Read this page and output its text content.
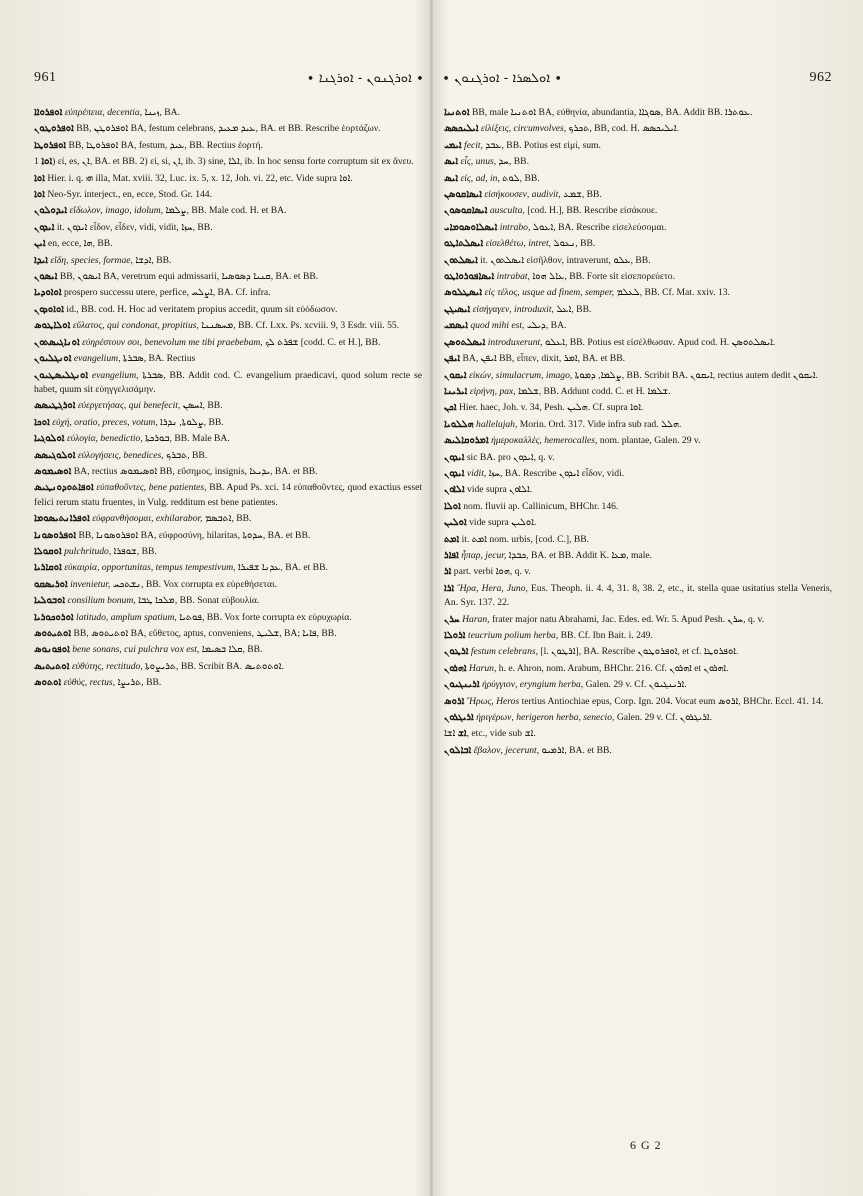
961	∙ ܐܘܪܓܢܘܢ - ܐܘܪܓܢܐ ∙ ∙ ܐܘܠܣܪܐ - ܐܘܪܓܢܘܢ ∙	962

ܐܘܦܪܘܐܐ εὐπρέπεια, decentia, ܙܝܢܐ, BA.

ܐܘܦܪܘܛܘܢ BB, ܐܘܦܪܘܛܢ BA, festum celebrans, ܥܝܕ ܡܥܝܕ, BA. et BB. Rescribe ἑορτάζων.

ܐܘܦܪܘܛܐ BB, ܐܘܦܪܘܛܐ BA, festum, ܥܝܕ, BB. Rectius ἑορτή.

ܐܘܐ 1) εἰ, es, ܐܢ, BA. et BB. 2) εἰ, si, ܐܢ, ib. 3) sine, ܐܠܐ, ib. In hoc sensu forte corruptum sit ex ἄνευ.

ܐܘܐ Hier. i. q. ܗܝ illa, Mat. xviii. 32, Luc. ix. 5, x. 12, Joh. vi. 22, etc. Vide supra ܐܘܐ.

ܐܘܐ Neo-Syr. interject., en, ecce, Stod. Gr. 144.

ܐܝܕܘܠܘܢ εἴδωλον, imago, idolum, ܨܠܡܐ, BB. Male cod. H. et BA.

ܐܝܕܘܢ it. ܐܝܕܘܢ εἶδον, εἶδεν, vidi, vidit, ܚܙܐ, BB.

ܐܝܢ en, ecce, ܗܐ, BB.

ܐܝܕܐ εἴδη, species, formae, ܐܕܫܐ, BB.

ܐܝܣܘܢ BB, ܐܝܣܘܢ BA, veretrum equi admissarii, ܩܢܝܐ ܕܣܘܣܝܐ, BA. et BB.

ܐܘܐܘܕܝܐ prospero successu utere, perfice, ܐܨܠܚ, BA. Cf. infra.

ܐܘܐܘܕܘܢ id., BB. cod. H. Hoc ad veritatem propius accedit, quum sit εὐόδωσον.

ܐܘܠܐܛܘܣ εὔλατος, qui condonat, propitius, ܡܚܣܢܢܐ, BB. Cf. Lxx. Ps. xcviii. 9, 3 Esdr. viii. 55.

ܐܘܢܐܓܝܣܬܘܢ εὐηρέστουν σοι, benevolum me tibi praebebam, ܫܦܪܬ ܠܟ [codd. C. et H.], BB.

ܐܘܢܓܠܝܘܢ evangelium, ܣܒܪܬܐ, BA. Rectius

ܐܘܢܓܠܝܣܛܝܘܢ evangelium, ܣܒܪܬܐ, BB. Addit cod. C. evangelium praedicavi, quod solum recte se habet, quum sit εὐηγγελισάμην.

ܐܘܪܓܛܝܣܣ εὐεργετήσας, qui benefecit, ܐܚܣܢ, BB.

ܐܘܟܐ εὐχή, oratio, preces, votum, ܨܠܘܬܐ, ܢܕܪܐ, BB.

ܐܘܠܘܓܝܐ εὐλογία, benedictio, ܒܘܪܟܬܐ, BB. Male BA.

ܐܘܠܘܓܝܣܣ εὐλογήσεις, benedices, ܬܒܪܟ, BB.

ܐܘܣܝܡܘܣ BA, rectius ܐܘܣܝܡܘܣ BB, εὔσημος, insignis, ܝܕܝܥܐ, BA. et BB.

ܐܘܦܐܬܘܕܘܢܛܝܣ εὐπαθοῦντες, bene patientes, BB. Apud Ps. xci. 14 εὐπαθοῦντες, quod exactius esset felici rerum statu fruentes, in Vulg. redditum est bene patientes.

ܐܘܦܪܐܢܬܝܣܘܡܐ εὐφρανθήσομαι, exhilarabor, ܐܬܒܣܡ, BB.

ܐܘܦܪܘܣܘܢܐ BB, ܐܘܦܪܘܣܘܢܐ BA, εὐφροσύνη, hilaritas, ܚܕܘܬܐ, BA. et BB.

ܐܘܩܘܠܐ pulchritudo, ܫܘܦܪܐ, BB.

ܐܘܩܐܪܝܐ εὐκαιρία, opportunitas, tempus tempestivum, ܥܕܢܐ ܫܦܝܪܐ, BA. et BB.

ܐܘܪܝܣܩܘ invenietur, ܢܫܬܟܚ, BB. Vox corrupta ex εὑρεθήσεται.

ܐܘܒܘܠܝܐ consilium bonum, ܡܠܟܐ ܛܒܐ, BB. Sonat εὐβουλία.

ܐܘܪܘܟܘܪܝܐ latitudo, amplum spatium, ܦܘܬܝܐ, BB. Vox forte corrupta ex εὐρυχωρία.

ܐܘܬܝܬܘܣ BB, ܐܘܬܝܬܘܣ BA, εὔθετος, aptus, conveniens, ܫܠܝܛ, BA; ܦܐܝܐ, BB.

ܐܘܦܘܢܘܣ bene sonans, cui pulchra vox est, ܩܠܐ ܒܣܝܡܐ, BB.

ܐܘܬܝܬܝܣ εὐθύτης, rectitudo, ܬܪܝܨܘܬܐ, BB. Scribit BA. ܐܘܬܘܬܝܣ.

ܐܘܬܘܣ εὐθύς, rectus, ܬܪܝܨܐ, BB.

ܐܘܬܢܝܐ BB, male ܐܘܬܢܝܐ BA, εὐθηνία, abundantia, ܣܘܓܐܐ, BA. Addit BB. ܥܘܬܪܐ.

ܐܝܠܝܟܣܣ εἰλίξεις, circumvolves, ܬܟܪܟ, BB, cod. H. ܐܝܠܝܟܣܣ.

ܐܝܡܝ fecit, ܥܒܕ, BB. Potius est εἰμί, sum.

ܐܝܣ εἷς, unus, ܚܕ, BB.

ܐܝܣ εἰς, ad, in, ܠܘܬ, BB.

ܐܝܣܐܩܘܣܢ εἰσήκουσεν, audivit, ܫܡܥ, BB.

ܐܝܣܐܩܘܣܘܢ ausculta, [cod. H.], BB. Rescribe εἰσάκουε.

ܐܝܣܠܐܘܣܘܡܐܝ intrabo, ܐܥܘܠ, BA. Rescribe εἰσελεύσομαι.

ܐܝܣܠܬܐܛܘ εἰσελθέτω, intret, ܢܥܘܠ, BB.

ܐܝܣܠܬܘܢ it. ܐܝܣܠܬܘܢ εἰσῆλθον, intraverunt, ܥܠܘ, BB.

ܐܝܣܐܦܘܪܘܐܛܘ intrabat, ܥܐܠ ܗܘܐ, BB. Forte sit εἰσεπορεύετο.

ܐܝܣܛܠܘܣ εἰς τέλος, usque ad finem, semper, ܠܥܠܡ, BB. Cf. Mat. xxiv. 13.

ܐܝܣܝܓܢ εἰσήγαγεν, introduxit, ܐܥܠ, BB.

ܐܝܣܡܝ quod mihi est, ܕܝܠܝ, BA.

ܐܝܣܠܬܘܣܢ introduxerunt, ܐܥܠܘ, BB. Potius est εἰσέλθωσαν. Apud cod. H. ܐܝܣܠܬܘܣܢ.

ܐܝܦܢ BA, ܐܝܦܢ BB, εἶπεν, dixit, ܐܡܪ, BA. et BB.

ܐܝܩܘܢ εἰκών, simulacrum, imago, ܨܠܡܐ, ܕܡܘܬܐ, BB. Scribit BA. ܐܝܩܘܢ, rectius autem dedit ܐܝܩܘܢ.

ܐܝܪܝܢܐ εἰρήνη, pax, ܫܠܡܐ, BB. Addunt codd. C. et H. ܫܠܡܐ.

ܐܟܢ Hier. haec, Joh. v. 34, Pesh. ܗܠܝܢ. Cf. supra ܐܘܐ.

ܗܠܠܘܝܐ hallelujah, Morin. Ord. 317. Vide infra sub rad. ܗܠܠ.

ܐܡܪܘܩܐܠܝܣ ἡμεροκαλλὲς, hemerocalles, nom. plantae, Galen. 29 v.

ܐܝܕܘܢ sic BA. pro ܐܝܕܘܢ, q. v.

ܐܝܕܘܢ vidit, ܚܙܐ, BA. Rescribe ܐܝܕܘܢ εἶδον, vidi.

ܐܠܐܘܢ vide supra ܐܠܐܘܢ.

ܐܘܠܐ nom. fluvii ap. Callinicum, BHChr. 146.

ܐܘܠܝܢ vide supra ܐܘܠܝܢ.

ܐܡܬ it. ܐܡܬ nom. urbis, [cod. C.], BB.

ܐܦܐܪ ἧπαρ, jecur, ܟܒܕܐ, BA. et BB. Addit K. ܡܥܐ, male.

ܐܪ part. verbi ܗܘܐ, q. v.

ܐܪܐ Ἥρα, Hera, Juno, Eus. Theoph. ii. 4. 4, 31. 8, 38. 2, etc., it. stella quae usitatius stella Veneris, An. Syr. 137. 22.

ܚܪܢ Haran, frater major natu Abrahami, Jac. Edes. ed. Wr. 5. Apud Pesh. ܚܪܢ, q. v.

ܐܪܘܠܐ teucrium polium herba, BB. Cf. Ibn Bait. i. 249.

ܐܪܛܘܢ festum celebrans, [l. ܐܪܛܘܢ], BA. Rescribe ܐܘܦܪܘܛܘܢ, et cf. ܐܘܦܪܘܛܐ.

ܐܗܪܘܢ Harun, h. e. Ahron, nom. Arabum, BHChr. 216. Cf. ܐܗܪܘܢ et ܐܗܪܘܢ.

ܐܪܝܢܓܝܘܢ ἠρύγγιον, eryngium herba, Galen. 29 v. Cf. ܐܪܝܢܓܝܘܢ.

ܐܪܘܣ Ἥρως, Heros tertius Antiochiae epus, Corp. Ign. 204. Vocat eum ܐܪܘܣ, BHChr. Eccl. 41. 14.

ܐܪܝܓܪܘܢ ἠριγέρων, herigeron herba, senecio, Galen. 29 v. Cf. ܐܪܝܓܪܘܢ.

ܐܫ ܐܫܐ, etc., vide sub ܐܫ.

ܐܒܐܠܘܢ ἔβαλον, jecerunt, ܐܪܡܝܘ, BA. et BB.

6 G 2
